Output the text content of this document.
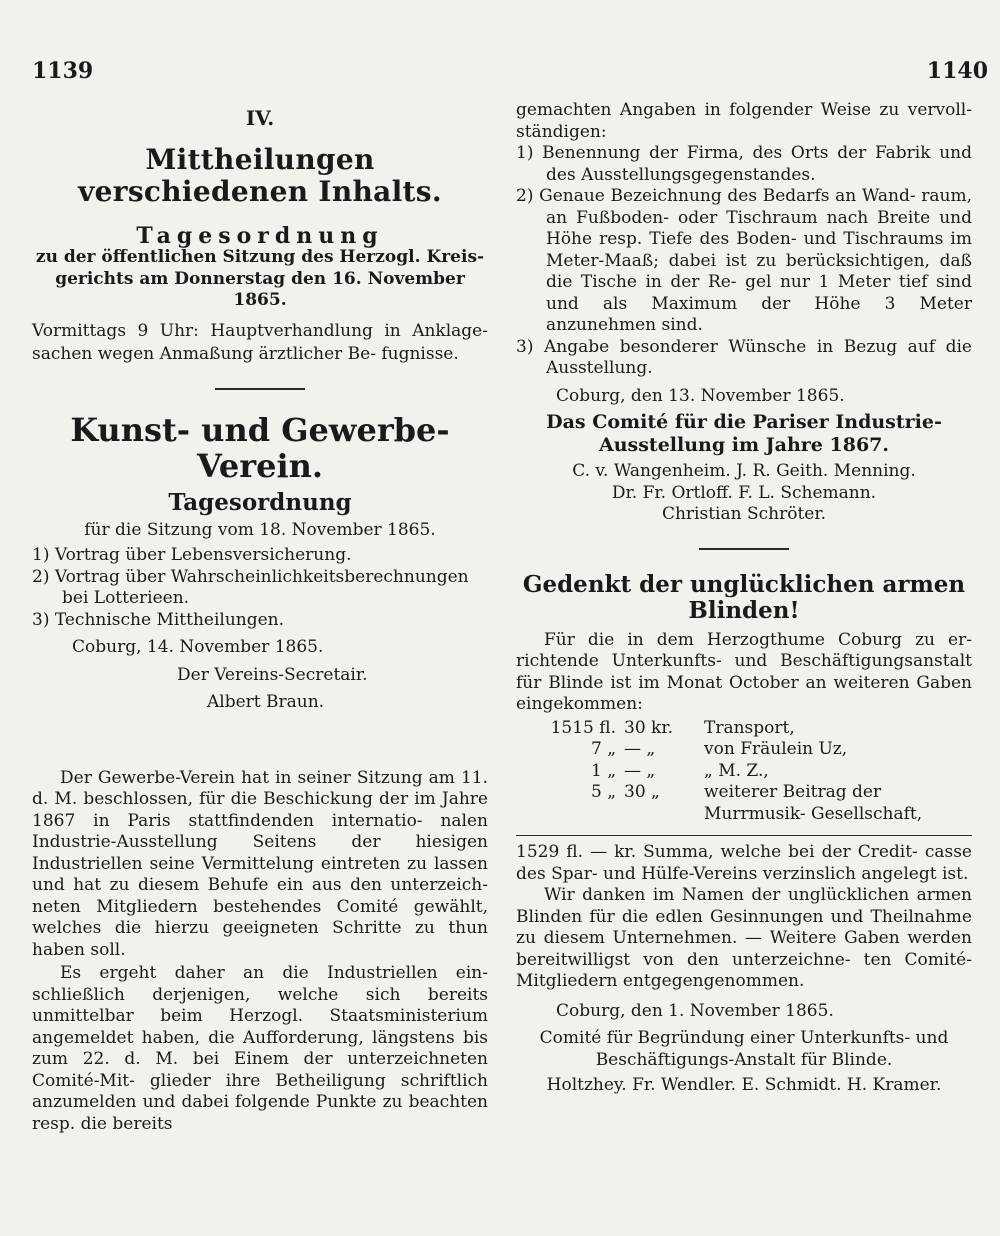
1139	1140

IV.

Mittheilungen verschiedenen Inhalts.

Tagesordnung

zu der öffentlichen Sitzung des Herzogl. Kreis-

gerichts am Donnerstag den 16. November

1865.

Vormittags 9 Uhr: Hauptverhandlung in Anklage- sachen wegen Anmaßung ärztlicher Be- fugnisse.

Kunst- und Gewerbe-Verein.

Tagesordnung

für die Sitzung vom 18. November 1865.

1) Vortrag über Lebensversicherung.

2) Vortrag über Wahrscheinlichkeitsberechnungen bei Lotterieen.

3) Technische Mittheilungen.

Coburg, 14. November 1865.

Der Vereins-Secretair.

Albert Braun.

Der Gewerbe-Verein hat in seiner Sitzung am 11. d. M. beschlossen, für die Beschickung der im Jahre 1867 in Paris stattfindenden internatio- nalen Industrie-Ausstellung Seitens der hiesigen Industriellen seine Vermittelung eintreten zu lassen und hat zu diesem Behufe ein aus den unterzeich- neten Mitgliedern bestehendes Comité gewählt, welches die hierzu geeigneten Schritte zu thun haben soll.

Es ergeht daher an die Industriellen ein- schließlich derjenigen, welche sich bereits unmittelbar beim Herzogl. Staatsministerium angemeldet haben, die Aufforderung, längstens bis zum 22. d. M. bei Einem der unterzeichneten Comité-Mit- glieder ihre Betheiligung schriftlich anzumelden und dabei folgende Punkte zu beachten resp. die bereits

gemachten Angaben in folgender Weise zu vervoll- ständigen:

1) Benennung der Firma, des Orts der Fabrik und des Ausstellungsgegenstandes.

2) Genaue Bezeichnung des Bedarfs an Wand- raum, an Fußboden- oder Tischraum nach Breite und Höhe resp. Tiefe des Boden- und Tischraums im Meter-Maaß; dabei ist zu berücksichtigen, daß die Tische in der Re- gel nur 1 Meter tief sind und als Maximum der Höhe 3 Meter anzunehmen sind.

3) Angabe besonderer Wünsche in Bezug auf die Ausstellung.

Coburg, den 13. November 1865.

Das Comité für die Pariser Industrie- Ausstellung im Jahre 1867.

C. v. Wangenheim. J. R. Geith. Menning.

Dr. Fr. Ortloff. F. L. Schemann.

Christian Schröter.

Gedenkt der unglücklichen armen Blinden!

Für die in dem Herzogthume Coburg zu er- richtende Unterkunfts- und Beschäftigungsanstalt für Blinde ist im Monat October an weiteren Gaben eingekommen:

1515 fl. 30 kr.	Transport,
7 „ — „	von Fräulein Uz,
1 „ — „	„ M. Z.,
5 „ 30 „	weiterer Beitrag der Murrmusik- Gesellschaft,

1529 fl. — kr. Summa, welche bei der Credit- casse des Spar- und Hülfe-Vereins verzinslich angelegt ist.

Wir danken im Namen der unglücklichen armen Blinden für die edlen Gesinnungen und Theilnahme zu diesem Unternehmen. — Weitere Gaben werden bereitwilligst von den unterzeichne- ten Comité-Mitgliedern entgegengenommen.

Coburg, den 1. November 1865.

Comité für Begründung einer Unterkunfts- und Beschäftigungs-Anstalt für Blinde.

Holtzhey. Fr. Wendler. E. Schmidt. H. Kramer.
